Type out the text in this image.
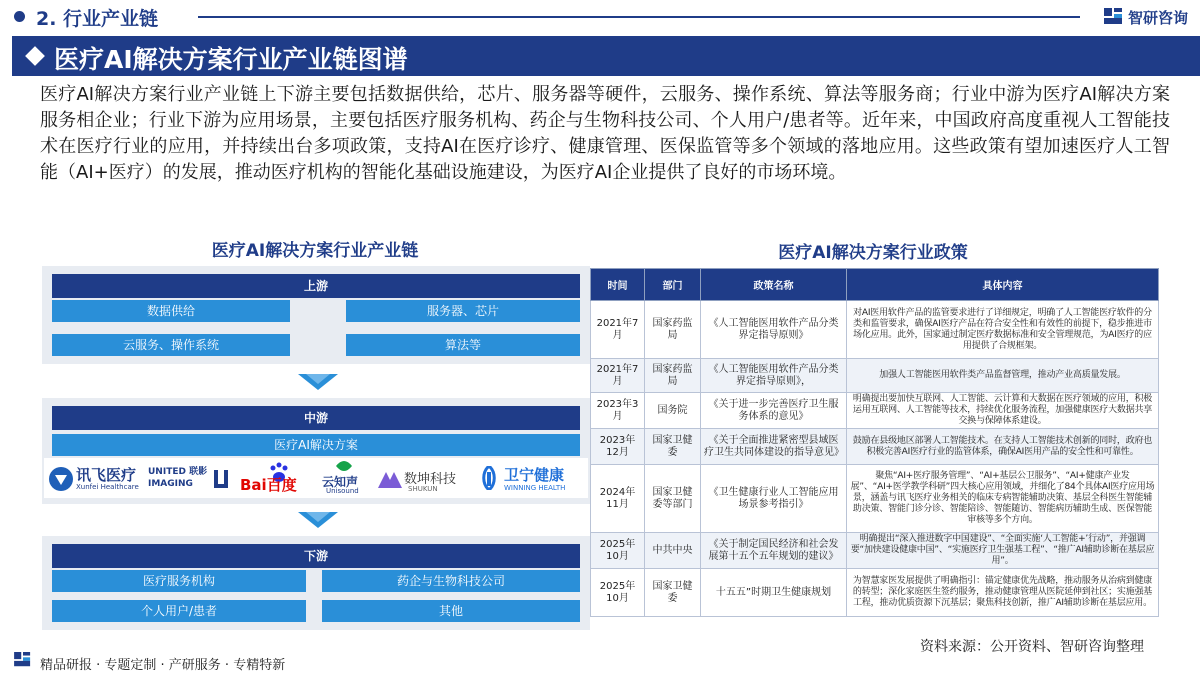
2. 行业产业链	智研咨询
医疗AI解决方案行业产业链图谱
医疗AI解决方案行业产业链上下游主要包括数据供给，芯片、服务器等硬件，云服务、操作系统、算法等服务商；行业中游为医疗AI解决方案服务相企业；行业下游为应用场景，主要包括医疗服务机构、药企与生物科技公司、个人用户/患者等。近年来，中国政府高度重视人工智能技术在医疗行业的应用，并持续出台多项政策，支持AI在医疗诊疗、健康管理、医保监管等多个领域的落地应用。这些政策有望加速医疗人工智能（AI+医疗）的发展，推动医疗机构的智能化基础设施建设，为医疗AI企业提供了良好的市场环境。
医疗AI解决方案行业产业链	医疗AI解决方案行业政策
上游
数据供给	服务器、芯片
云服务、操作系统	算法等
中游
医疗AI解决方案
讯飞医疗
Xunfei Healthcare
UNITED 联影 IMAGING	Bai百度 云知声
Unisound
数坤科技
SHUKUN
卫宁健康
WINNING HEALTH
下游
医疗服务机构	药企与生物科技公司
个人用户/患者	其他
时间	部门	政策名称	具体内容
2021年7月	国家药监局	《人工智能医用软件产品分类界定指导原则》	对AI医用软件产品的监管要求进行了详细规定，明确了人工智能医疗软件的分类和监管要求，确保AI医疗产品在符合安全性和有效性的前提下，稳步推进市场化应用。此外，国家通过制定医疗数据标准和安全管理规范，为AI医疗的应用提供了合规框架。
2021年7月	国家药监局	《人工智能医用软件产品分类界定指导原则》，	加强人工智能医用软件类产品监督管理，推动产业高质量发展。
2023年3月	国务院	《关于进一步完善医疗卫生服务体系的意见》	明确提出要加快互联网、人工智能、云计算和大数据在医疗领域的应用，积极运用互联网、人工智能等技术，持续优化服务流程，加强健康医疗大数据共享交换与保障体系建设。
2023年12月	国家卫健委	《关于全面推进紧密型县域医疗卫生共同体建设的指导意见》	鼓励在县级地区部署人工智能技术。在支持人工智能技术创新的同时，政府也积极完善AI医疗行业的监管体系，确保AI医用产品的安全性和可靠性。
2024年11月	国家卫健委等部门	《卫生健康行业人工智能应用场景参考指引》	聚焦“AI+医疗服务管理”、“AI+基层公卫服务”、“AI+健康产业发展”、“AI+医学教学科研”四大核心应用领域，并细化了84个具体AI医疗应用场景，涵盖与讯飞医疗业务相关的临床专病智能辅助决策、基层全科医生智能辅助决策、智能门诊分诊、智能陪诊、智能随访、智能病历辅助生成、医保智能审核等多个方向。
2025年10月	中共中央	《关于制定国民经济和社会发展第十五个五年规划的建议》	明确提出“深入推进数字中国建设”、“全面实施‘人工智能+’行动”，并强调要“加快建设健康中国”、“实施医疗卫生强基工程”、“推广AI辅助诊断在基层应用”。
2025年10月	国家卫健委	十五五”时期卫生健康规划	为智慧家医发展提供了明确指引：锚定健康优先战略，推动服务从治病到健康的转型；深化家庭医生签约服务，推动健康管理从医院延伸到社区；实施强基工程，推动优质资源下沉基层；聚焦科技创新，推广AI辅助诊断在基层应用。
资料来源：公开资料、智研咨询整理
精品研报 · 专题定制 · 产研服务 · 专精特新
